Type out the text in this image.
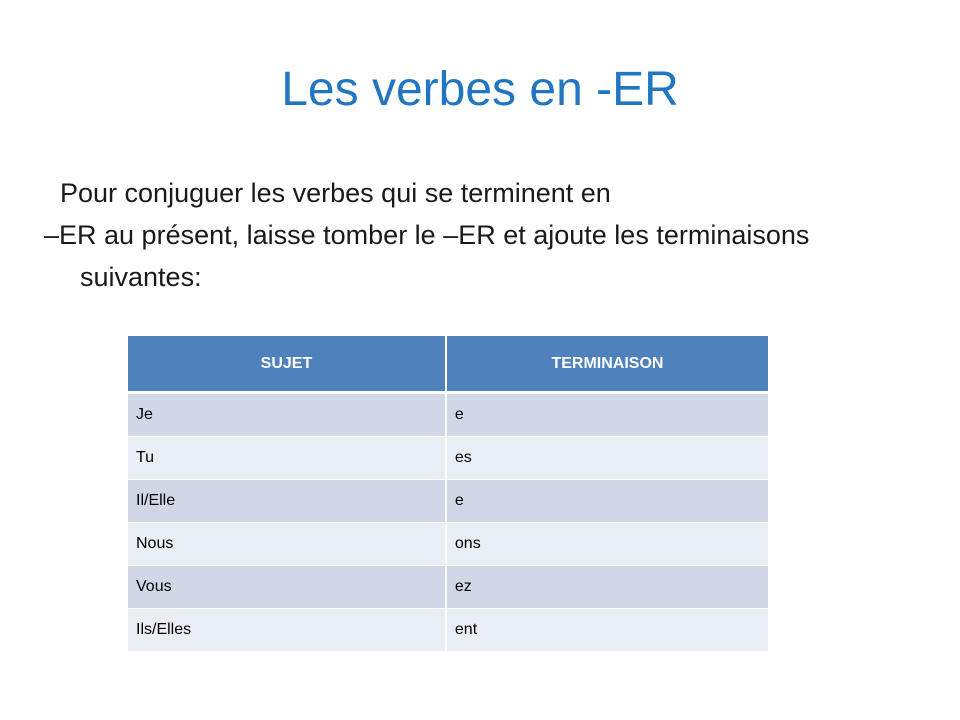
Les verbes en -ER

Pour conjuguer les verbes qui se terminent en

–ER au présent, laisse tomber le –ER et ajoute les terminaisons suivantes:

SUJET	TERMINAISON
Je	e
Tu	es
Il/Elle	e
Nous	ons
Vous	ez
Ils/Elles	ent
